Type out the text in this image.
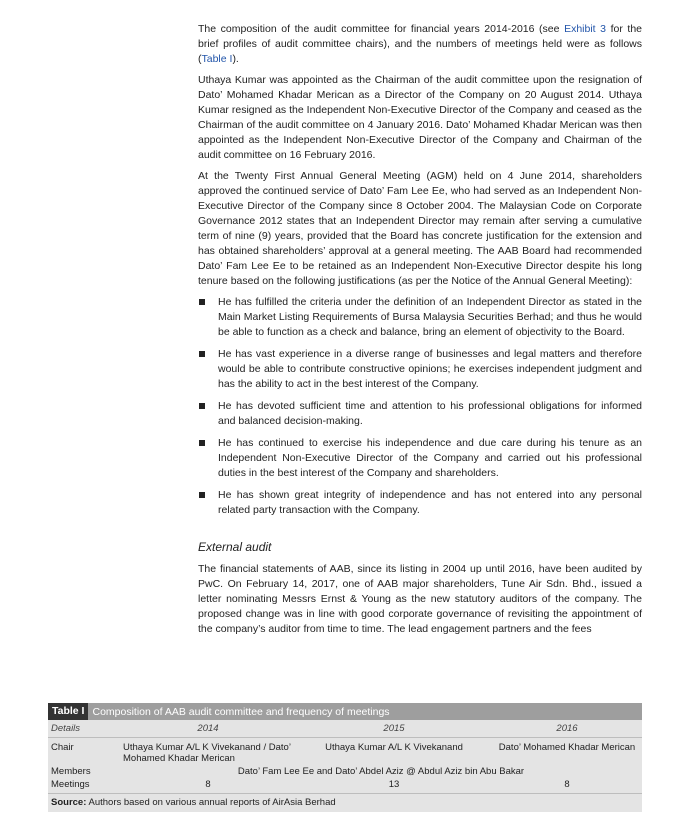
The composition of the audit committee for financial years 2014-2016 (see Exhibit 3 for the brief profiles of audit committee chairs), and the numbers of meetings held were as follows (Table I).

Uthaya Kumar was appointed as the Chairman of the audit committee upon the resignation of Dato’ Mohamed Khadar Merican as a Director of the Company on 20 August 2014. Uthaya Kumar resigned as the Independent Non-Executive Director of the Company and ceased as the Chairman of the audit committee on 4 January 2016. Dato’ Mohamed Khadar Merican was then appointed as the Independent Non-Executive Director of the Company and Chairman of the audit committee on 16 February 2016.

At the Twenty First Annual General Meeting (AGM) held on 4 June 2014, shareholders approved the continued service of Dato’ Fam Lee Ee, who had served as an Independent Non-Executive Director of the Company since 8 October 2004. The Malaysian Code on Corporate Governance 2012 states that an Independent Director may remain after serving a cumulative term of nine (9) years, provided that the Board has concrete justification for the extension and has obtained shareholders’ approval at a general meeting. The AAB Board had recommended Dato’ Fam Lee Ee to be retained as an Independent Non-Executive Director despite his long tenure based on the following justifications (as per the Notice of the Annual General Meeting):

He has fulfilled the criteria under the definition of an Independent Director as stated in the Main Market Listing Requirements of Bursa Malaysia Securities Berhad; and thus he would be able to function as a check and balance, bring an element of objectivity to the Board.
He has vast experience in a diverse range of businesses and legal matters and therefore would be able to contribute constructive opinions; he exercises independent judgment and has the ability to act in the best interest of the Company.
He has devoted sufficient time and attention to his professional obligations for informed and balanced decision-making.
He has continued to exercise his independence and due care during his tenure as an Independent Non-Executive Director of the Company and carried out his professional duties in the best interest of the Company and shareholders.
He has shown great integrity of independence and has not entered into any personal related party transaction with the Company.
External audit

The financial statements of AAB, since its listing in 2004 up until 2016, have been audited by PwC. On February 14, 2017, one of AAB major shareholders, Tune Air Sdn. Bhd., issued a letter nominating Messrs Ernst & Young as the new statutory auditors of the company. The proposed change was in line with good corporate governance of revisiting the appointment of the company’s auditor from time to time. The lead engagement partners and the fees

Table I Composition of AAB audit committee and frequency of meetings
Details	2014	2015	2016
Chair	Uthaya Kumar A/L K Vivekanand / Dato’ Mohamed Khadar Merican	Uthaya Kumar A/L K Vivekanand	Dato’ Mohamed Khadar Merican
Members	Dato’ Fam Lee Ee and Dato’ Abdel Aziz @ Abdul Aziz bin Abu Bakar		
Meetings	8	13	8
Source: Authors based on various annual reports of AirAsia Berhad
